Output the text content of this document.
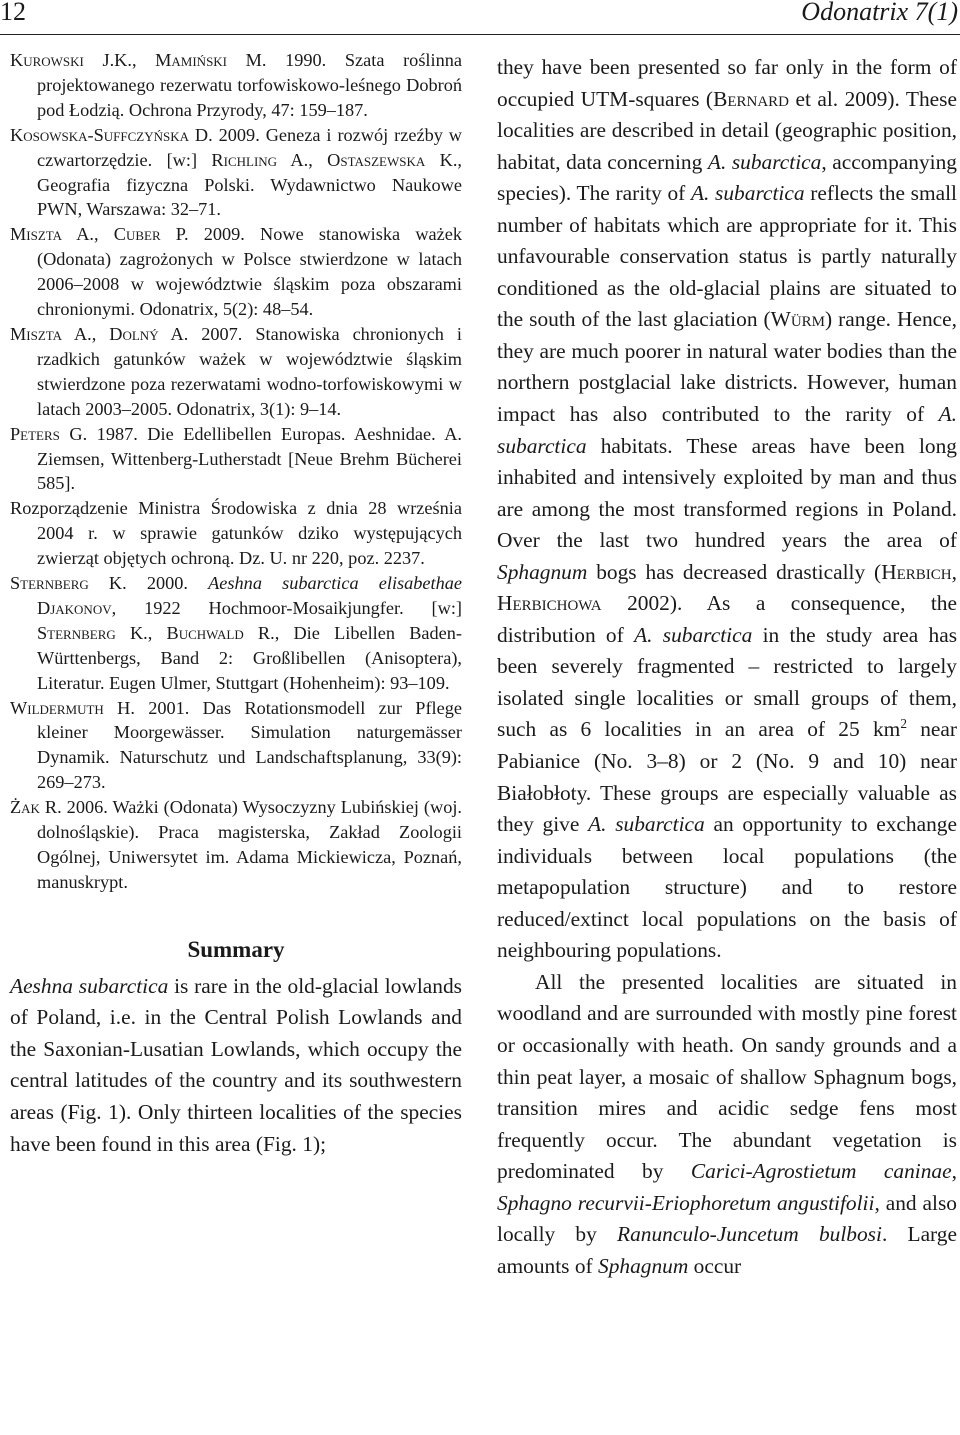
12	Odonatrix 7(1)

Kurowski J.K., Mamiński M. 1990. Szata roślinna projektowanego rezerwatu torfowiskowo-leśnego Dobroń pod Łodzią. Ochrona Przyrody, 47: 159–187.

Kosowska-Suffczyńska D. 2009. Geneza i rozwój rzeźby w czwartorzędzie. [w:] Richling A., Ostaszewska K., Geografia fizyczna Polski. Wydawnictwo Naukowe PWN, Warszawa: 32–71.

Miszta A., Cuber P. 2009. Nowe stanowiska ważek (Odonata) zagrożonych w Polsce stwierdzone w latach 2006–2008 w województwie śląskim poza obszarami chronionymi. Odonatrix, 5(2): 48–54.

Miszta A., Dolný A. 2007. Stanowiska chronionych i rzadkich gatunków ważek w województwie śląskim stwierdzone poza rezerwatami wodno-torfowiskowymi w latach 2003–2005. Odonatrix, 3(1): 9–14.

Peters G. 1987. Die Edellibellen Europas. Aeshnidae. A. Ziemsen, Wittenberg-Lutherstadt [Neue Brehm Bücherei 585].

Rozporządzenie Ministra Środowiska z dnia 28 września 2004 r. w sprawie gatunków dziko występujących zwierząt objętych ochroną. Dz. U. nr 220, poz. 2237.

Sternberg K. 2000. Aeshna subarctica elisabethae Djakonov, 1922 Hochmoor-Mosaikjungfer. [w:] Sternberg K., Buchwald R., Die Libellen Baden-Württenbergs, Band 2: Großlibellen (Anisoptera), Literatur. Eugen Ulmer, Stuttgart (Hohenheim): 93–109.

Wildermuth H. 2001. Das Rotationsmodell zur Pflege kleiner Moorgewässer. Simulation naturgemässer Dynamik. Naturschutz und Landschaftsplanung, 33(9): 269–273.

Żak R. 2006. Ważki (Odonata) Wysoczyzny Lubińskiej (woj. dolnośląskie). Praca magisterska, Zakład Zoologii Ogólnej, Uniwersytet im. Adama Mickiewicza, Poznań, manuskrypt.

Summary

Aeshna subarctica is rare in the old-glacial lowlands of Poland, i.e. in the Central Polish Lowlands and the Saxonian-Lusatian Lowlands, which occupy the central latitudes of the country and its southwestern areas (Fig. 1). Only thirteen localities of the species have been found in this area (Fig. 1);

they have been presented so far only in the form of occupied UTM-squares (Bernard et al. 2009). These localities are described in detail (geographic position, habitat, data concerning A. subarctica, accompanying species). The rarity of A. subarctica reflects the small number of habitats which are appropriate for it. This unfavourable conservation status is partly naturally conditioned as the old-glacial plains are situated to the south of the last glaciation (Würm) range. Hence, they are much poorer in natural water bodies than the northern postglacial lake districts. However, human impact has also contributed to the rarity of A. subarctica habitats. These areas have been long inhabited and intensively exploited by man and thus are among the most transformed regions in Poland. Over the last two hundred years the area of Sphagnum bogs has decreased drastically (Herbich, Herbichowa 2002). As a consequence, the distribution of A. subarctica in the study area has been severely fragmented – restricted to largely isolated single localities or small groups of them, such as 6 localities in an area of 25 $km^2$ near Pabianice (No. 3–8) or 2 (No. 9 and 10) near Białobłoty. These groups are especially valuable as they give A. subarctica an opportunity to exchange individuals between local populations (the metapopulation structure) and to restore reduced/extinct local populations on the basis of neighbouring populations.

All the presented localities are situated in woodland and are surrounded with mostly pine forest or occasionally with heath. On sandy grounds and a thin peat layer, a mosaic of shallow Sphagnum bogs, transition mires and acidic sedge fens most frequently occur. The abundant vegetation is predominated by Carici-Agrostietum caninae, Sphagno recurvii-Eriophoretum angustifolii, and also locally by Ranunculo-Juncetum bulbosi. Large amounts of Sphagnum occur
